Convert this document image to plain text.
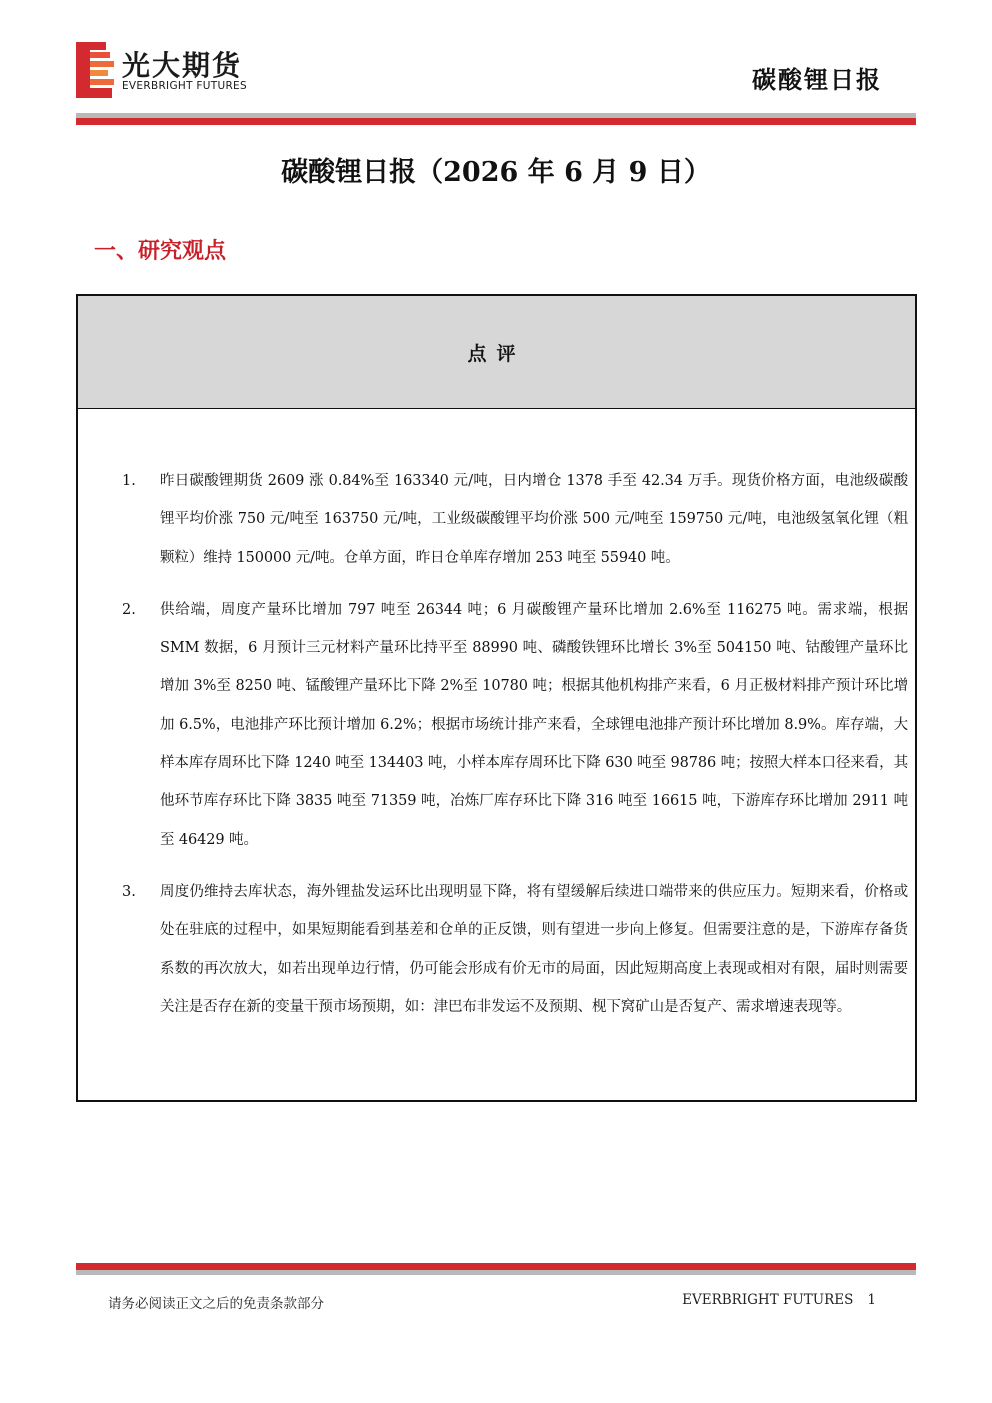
光大期货
EVERBRIGHT FUTURES	碳酸锂日报
碳酸锂日报（2026 年 6 月 9 日）
一、研究观点
点评
1. 昨日碳酸锂期货 2609 涨 0.84%至 163340 元/吨，日内增仓 1378 手至 42.34 万手。现货价格方面，电池级碳酸锂平均价涨 750 元/吨至 163750 元/吨，工业级碳酸锂平均价涨 500 元/吨至 159750 元/吨，电池级氢氧化锂（粗颗粒）维持 150000 元/吨。仓单方面，昨日仓单库存增加 253 吨至 55940 吨。
2. 供给端，周度产量环比增加 797 吨至 26344 吨；6 月碳酸锂产量环比增加 2.6%至 116275 吨。需求端，根据 SMM 数据，6 月预计三元材料产量环比持平至 88990 吨、磷酸铁锂环比增长 3%至 504150 吨、钴酸锂产量环比增加 3%至 8250 吨、锰酸锂产量环比下降 2%至 10780 吨；根据其他机构排产来看，6 月正极材料排产预计环比增加 6.5%，电池排产环比预计增加 6.2%；根据市场统计排产来看，全球锂电池排产预计环比增加 8.9%。库存端，大样本库存周环比下降 1240 吨至 134403 吨，小样本库存周环比下降 630 吨至 98786 吨；按照大样本口径来看，其他环节库存环比下降 3835 吨至 71359 吨，冶炼厂库存环比下降 316 吨至 16615 吨，下游库存环比增加 2911 吨至 46429 吨。
3. 周度仍维持去库状态，海外锂盐发运环比出现明显下降，将有望缓解后续进口端带来的供应压力。短期来看，价格或处在驻底的过程中，如果短期能看到基差和仓单的正反馈，则有望进一步向上修复。但需要注意的是，下游库存备货系数的再次放大，如若出现单边行情，仍可能会形成有价无市的局面，因此短期高度上表现或相对有限，届时则需要关注是否存在新的变量干预市场预期，如：津巴布非发运不及预期、枧下窝矿山是否复产、需求增速表现等。
请务必阅读正文之后的免责条款部分	EVERBRIGHT FUTURES 1
